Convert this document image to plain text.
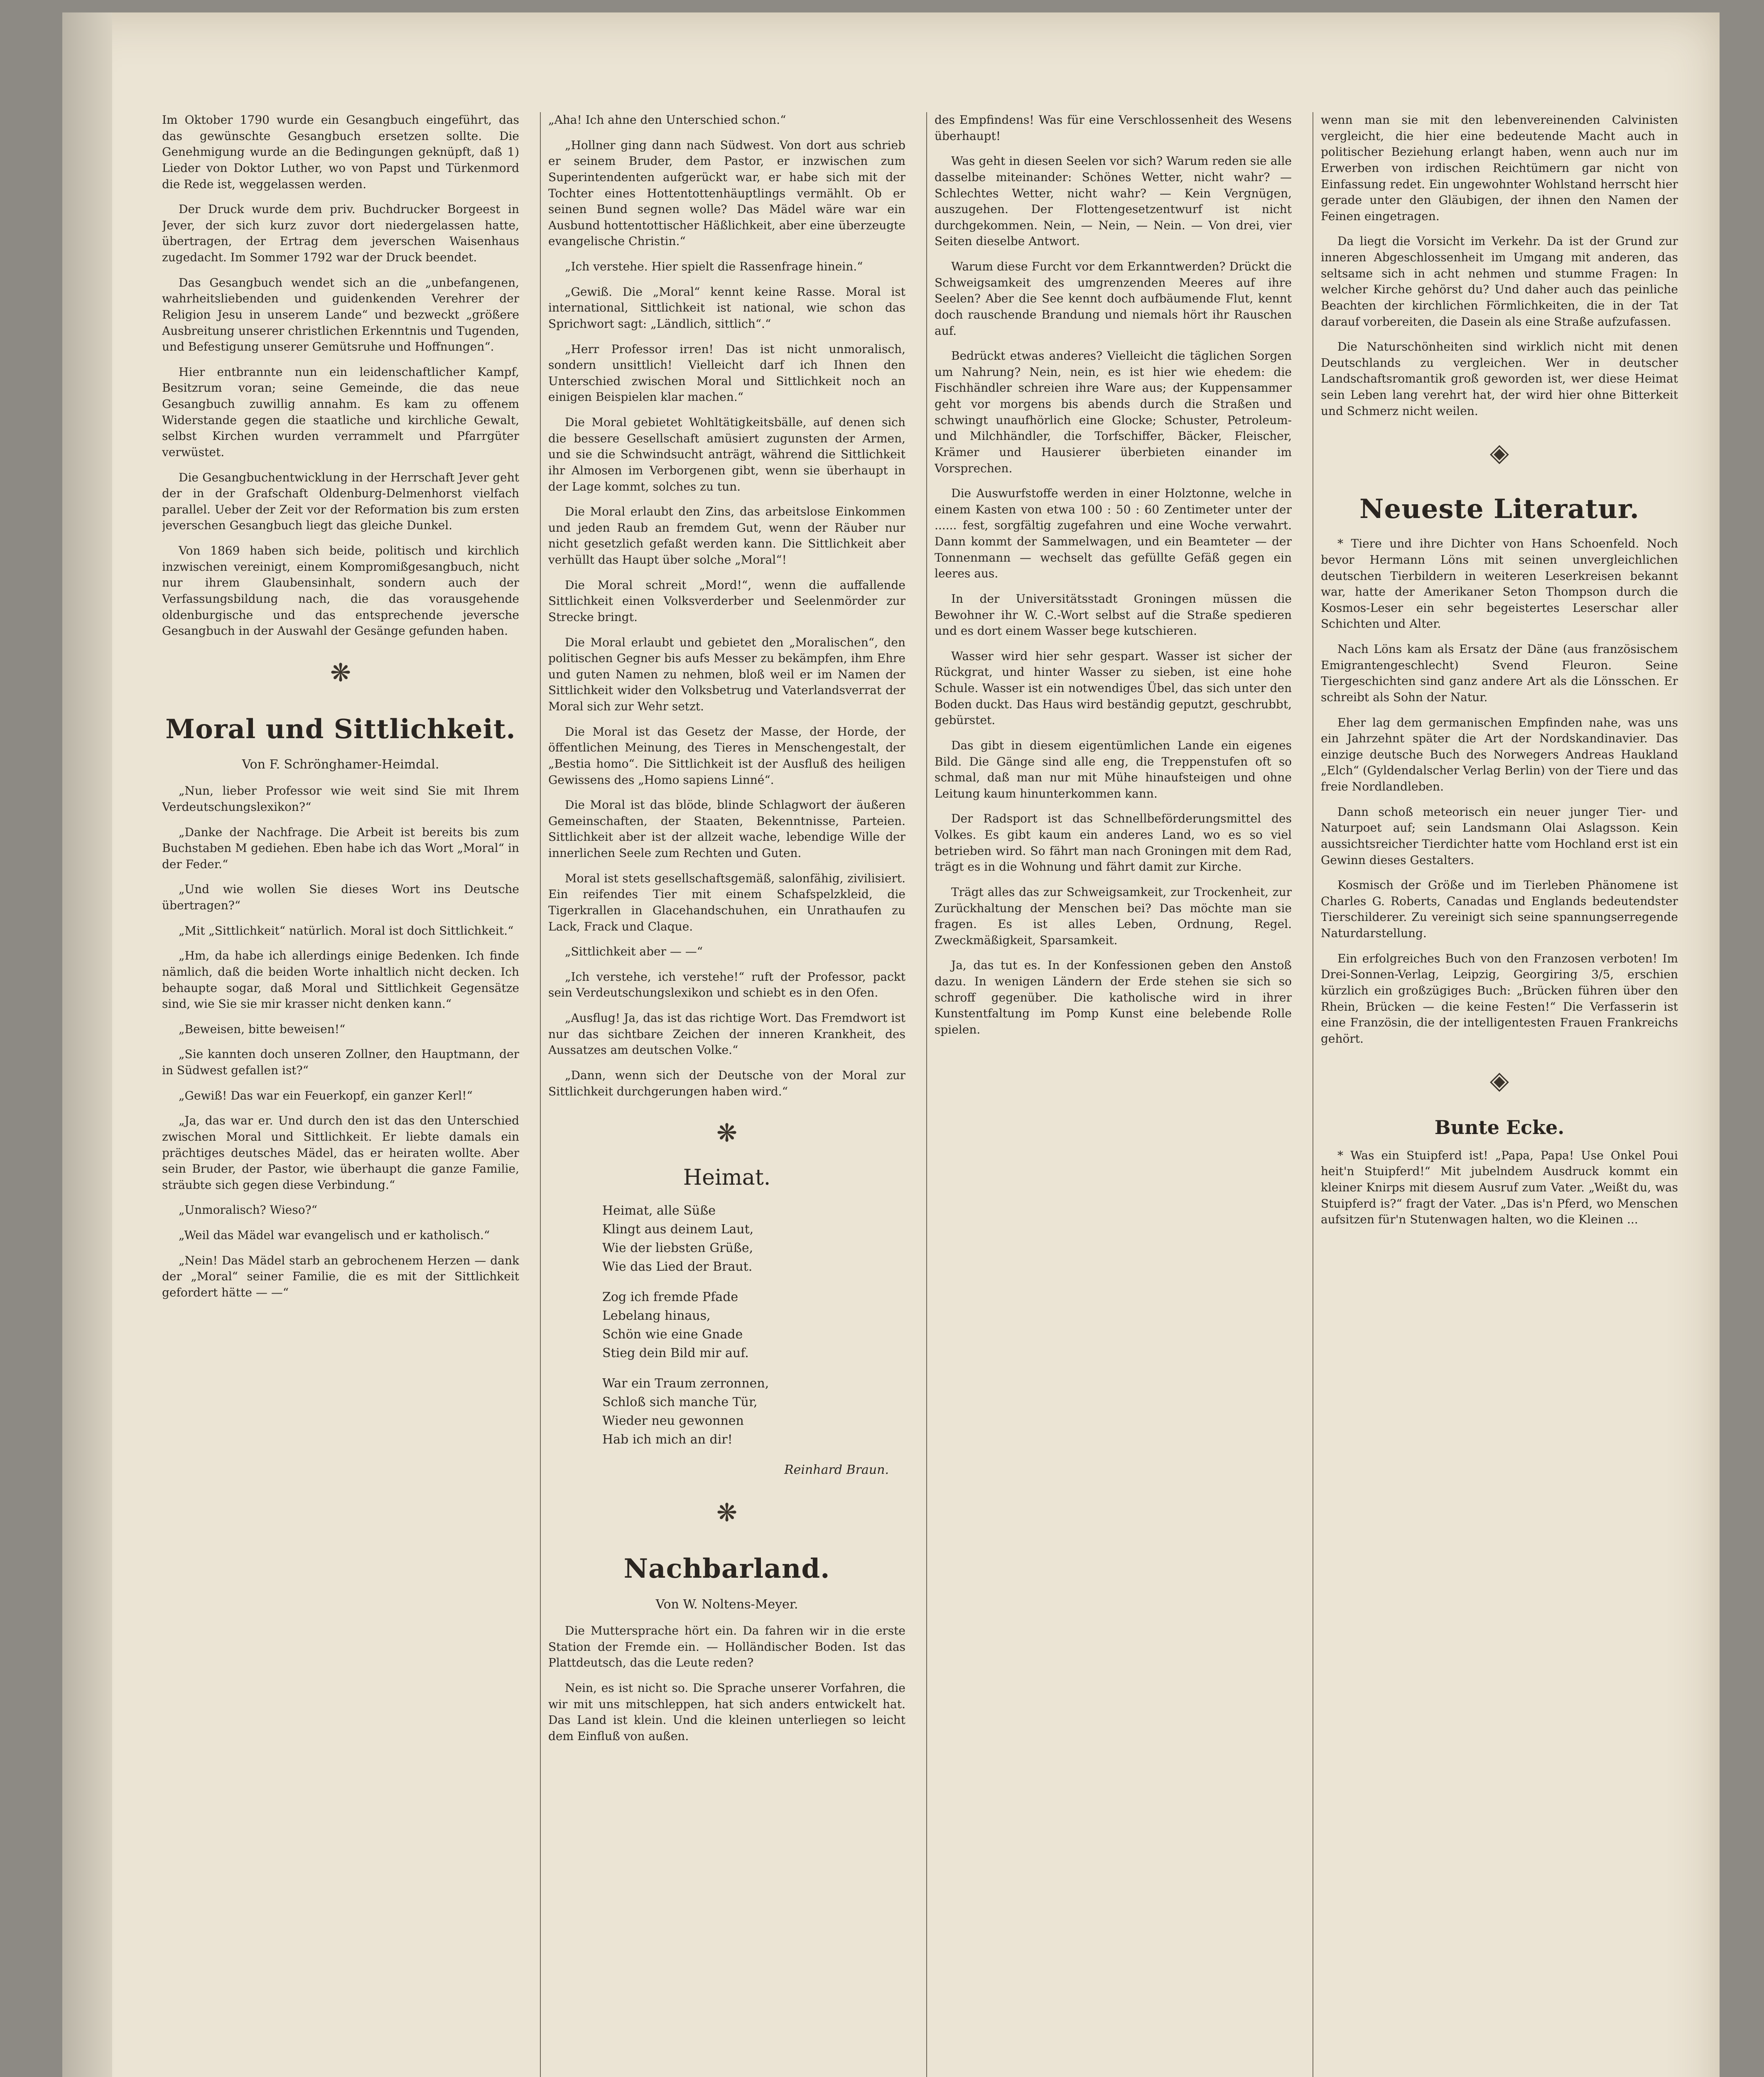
Im Oktober 1790 wurde ein Gesangbuch eingeführt, das das gewünschte Gesangbuch ersetzen sollte. Die Genehmigung wurde an die Bedingungen geknüpft, daß 1) Lieder von Doktor Luther, wo von Papst und Türkenmord die Rede ist, weggelassen werden.

Der Druck wurde dem priv. Buchdrucker Borgeest in Jever, der sich kurz zuvor dort niedergelassen hatte, übertragen, der Ertrag dem jeverschen Waisenhaus zugedacht. Im Sommer 1792 war der Druck beendet.

Das Gesangbuch wendet sich an die „unbefangenen, wahrheitsliebenden und guidenkenden Verehrer der Religion Jesu in unserem Lande“ und bezweckt „größere Ausbreitung unserer christlichen Erkenntnis und Tugenden, und Befestigung unserer Gemütsruhe und Hoffnungen“.

Hier entbrannte nun ein leidenschaftlicher Kampf, Besitzrum voran; seine Gemeinde, die das neue Gesangbuch zuwillig annahm. Es kam zu offenem Widerstande gegen die staatliche und kirchliche Gewalt, selbst Kirchen wurden verrammelt und Pfarrgüter verwüstet.

Die Gesangbuchentwicklung in der Herrschaft Jever geht der in der Grafschaft Oldenburg-Delmenhorst vielfach parallel. Ueber der Zeit vor der Reformation bis zum ersten jeverschen Gesangbuch liegt das gleiche Dunkel.

Von 1869 haben sich beide, politisch und kirchlich inzwischen vereinigt, einem Kompromißgesangbuch, nicht nur ihrem Glaubensinhalt, sondern auch der Verfassungsbildung nach, die das vorausgehende oldenburgische und das entsprechende jeversche Gesangbuch in der Auswahl der Gesänge gefunden haben.

❋
Moral und Sittlichkeit.
Von F. Schrönghamer-Heimdal.

„Nun, lieber Professor wie weit sind Sie mit Ihrem Verdeutschungslexikon?“

„Danke der Nachfrage. Die Arbeit ist bereits bis zum Buchstaben M gediehen. Eben habe ich das Wort „Moral“ in der Feder.“

„Und wie wollen Sie dieses Wort ins Deutsche übertragen?“

„Mit „Sittlichkeit“ natürlich. Moral ist doch Sittlichkeit.“

„Hm, da habe ich allerdings einige Bedenken. Ich finde nämlich, daß die beiden Worte inhaltlich nicht decken. Ich behaupte sogar, daß Moral und Sittlichkeit Gegensätze sind, wie Sie sie mir krasser nicht denken kann.“

„Beweisen, bitte beweisen!“

„Sie kannten doch unseren Zollner, den Hauptmann, der in Südwest gefallen ist?“

„Gewiß! Das war ein Feuerkopf, ein ganzer Kerl!“

„Ja, das war er. Und durch den ist das den Unterschied zwischen Moral und Sittlichkeit. Er liebte damals ein prächtiges deutsches Mädel, das er heiraten wollte. Aber sein Bruder, der Pastor, wie überhaupt die ganze Familie, sträubte sich gegen diese Verbindung.“

„Unmoralisch? Wieso?“

„Weil das Mädel war evangelisch und er katholisch.“

„Nein! Das Mädel starb an gebrochenem Herzen — dank der „Moral“ seiner Familie, die es mit der Sittlichkeit gefordert hätte — —“

„Aha! Ich ahne den Unterschied schon.“

„Hollner ging dann nach Südwest. Von dort aus schrieb er seinem Bruder, dem Pastor, er inzwischen zum Superintendenten aufgerückt war, er habe sich mit der Tochter eines Hottentottenhäuptlings vermählt. Ob er seinen Bund segnen wolle? Das Mädel wäre war ein Ausbund hottentottischer Häßlichkeit, aber eine überzeugte evangelische Christin.“

„Ich verstehe. Hier spielt die Rassenfrage hinein.“

„Gewiß. Die „Moral“ kennt keine Rasse. Moral ist international, Sittlichkeit ist national, wie schon das Sprichwort sagt: „Ländlich, sittlich“.“

„Herr Professor irren! Das ist nicht unmoralisch, sondern unsittlich! Vielleicht darf ich Ihnen den Unterschied zwischen Moral und Sittlichkeit noch an einigen Beispielen klar machen.“

Die Moral gebietet Wohltätigkeitsbälle, auf denen sich die bessere Gesellschaft amüsiert zugunsten der Armen, und sie die Schwindsucht anträgt, während die Sittlichkeit ihr Almosen im Verborgenen gibt, wenn sie überhaupt in der Lage kommt, solches zu tun.

Die Moral erlaubt den Zins, das arbeitslose Einkommen und jeden Raub an fremdem Gut, wenn der Räuber nur nicht gesetzlich gefaßt werden kann. Die Sittlichkeit aber verhüllt das Haupt über solche „Moral“!

Die Moral schreit „Mord!“, wenn die auffallende Sittlichkeit einen Volksverderber und Seelenmörder zur Strecke bringt.

Die Moral erlaubt und gebietet den „Moralischen“, den politischen Gegner bis aufs Messer zu bekämpfen, ihm Ehre und guten Namen zu nehmen, bloß weil er im Namen der Sittlichkeit wider den Volksbetrug und Vaterlandsverrat der Moral sich zur Wehr setzt.

Die Moral ist das Gesetz der Masse, der Horde, der öffentlichen Meinung, des Tieres in Menschengestalt, der „Bestia homo“. Die Sittlichkeit ist der Ausfluß des heiligen Gewissens des „Homo sapiens Linné“.

Die Moral ist das blöde, blinde Schlagwort der äußeren Gemeinschaften, der Staaten, Bekenntnisse, Parteien. Sittlichkeit aber ist der allzeit wache, lebendige Wille der innerlichen Seele zum Rechten und Guten.

Moral ist stets gesellschaftsgemäß, salonfähig, zivilisiert. Ein reifendes Tier mit einem Schafspelzkleid, die Tigerkrallen in Glacehandschuhen, ein Unrathaufen zu Lack, Frack und Claque.

„Sittlichkeit aber — —“

„Ich verstehe, ich verstehe!“ ruft der Professor, packt sein Verdeutschungslexikon und schiebt es in den Ofen.

„Ausflug! Ja, das ist das richtige Wort. Das Fremdwort ist nur das sichtbare Zeichen der inneren Krankheit, des Aussatzes am deutschen Volke.“

„Dann, wenn sich der Deutsche von der Moral zur Sittlichkeit durchgerungen haben wird.“

❋
Heimat.
Heimat, alle Süße
Klingt aus deinem Laut,
Wie der liebsten Grüße,
Wie das Lied der Braut.
Zog ich fremde Pfade
Lebelang hinaus,
Schön wie eine Gnade
Stieg dein Bild mir auf.
War ein Traum zerronnen,
Schloß sich manche Tür,
Wieder neu gewonnen
Hab ich mich an dir!
Reinhard Braun.
❋
Nachbarland.
Von W. Noltens-Meyer.

Die Muttersprache hört ein. Da fahren wir in die erste Station der Fremde ein. — Holländischer Boden. Ist das Plattdeutsch, das die Leute reden?

Nein, es ist nicht so. Die Sprache unserer Vorfahren, die wir mit uns mitschleppen, hat sich anders entwickelt hat. Das Land ist klein. Und die kleinen unterliegen so leicht dem Einfluß von außen.

des Empfindens! Was für eine Verschlossenheit des Wesens überhaupt!

Was geht in diesen Seelen vor sich? Warum reden sie alle dasselbe miteinander: Schönes Wetter, nicht wahr? — Schlechtes Wetter, nicht wahr? — Kein Vergnügen, auszugehen. Der Flottengesetzentwurf ist nicht durchgekommen. Nein, — Nein, — Nein. — Von drei, vier Seiten dieselbe Antwort.

Warum diese Furcht vor dem Erkanntwerden? Drückt die Schweigsamkeit des umgrenzenden Meeres auf ihre Seelen? Aber die See kennt doch aufbäumende Flut, kennt doch rauschende Brandung und niemals hört ihr Rauschen auf.

Bedrückt etwas anderes? Vielleicht die täglichen Sorgen um Nahrung? Nein, nein, es ist hier wie ehedem: die Fischhändler schreien ihre Ware aus; der Kuppensammer geht vor morgens bis abends durch die Straßen und schwingt unaufhörlich eine Glocke; Schuster, Petroleum- und Milchhändler, die Torfschiffer, Bäcker, Fleischer, Krämer und Hausierer überbieten einander im Vorsprechen.

Die Auswurfstoffe werden in einer Holztonne, welche in einem Kasten von etwa 100 : 50 : 60 Zentimeter unter der ...... fest, sorgfältig zugefahren und eine Woche verwahrt. Dann kommt der Sammelwagen, und ein Beamteter — der Tonnenmann — wechselt das gefüllte Gefäß gegen ein leeres aus.

In der Universitätsstadt Groningen müssen die Bewohner ihr W. C.-Wort selbst auf die Straße spedieren und es dort einem Wasser bege kutschieren.

Wasser wird hier sehr gespart. Wasser ist sicher der Rückgrat, und hinter Wasser zu sieben, ist eine hohe Schule. Wasser ist ein notwendiges Übel, das sich unter den Boden duckt. Das Haus wird beständig geputzt, geschrubbt, gebürstet.

Das gibt in diesem eigentümlichen Lande ein eigenes Bild. Die Gänge sind alle eng, die Treppenstufen oft so schmal, daß man nur mit Mühe hinaufsteigen und ohne Leitung kaum hinunterkommen kann.

Der Radsport ist das Schnellbeförderungsmittel des Volkes. Es gibt kaum ein anderes Land, wo es so viel betrieben wird. So fährt man nach Groningen mit dem Rad, trägt es in die Wohnung und fährt damit zur Kirche.

Trägt alles das zur Schweigsamkeit, zur Trockenheit, zur Zurückhaltung der Menschen bei? Das möchte man sie fragen. Es ist alles Leben, Ordnung, Regel. Zweckmäßigkeit, Sparsamkeit.

Ja, das tut es. In der Konfessionen geben den Anstoß dazu. In wenigen Ländern der Erde stehen sie sich so schroff gegenüber. Die katholische wird in ihrer Kunstentfaltung im Pomp Kunst eine belebende Rolle spielen.

wenn man sie mit den lebenvereinenden Calvinisten vergleicht, die hier eine bedeutende Macht auch in politischer Beziehung erlangt haben, wenn auch nur im Erwerben von irdischen Reichtümern gar nicht von Einfassung redet. Ein ungewohnter Wohlstand herrscht hier gerade unter den Gläubigen, der ihnen den Namen der Feinen eingetragen.

Da liegt die Vorsicht im Verkehr. Da ist der Grund zur inneren Abgeschlossenheit im Umgang mit anderen, das seltsame sich in acht nehmen und stumme Fragen: In welcher Kirche gehörst du? Und daher auch das peinliche Beachten der kirchlichen Förmlichkeiten, die in der Tat darauf vorbereiten, die Dasein als eine Straße aufzufassen.

Die Naturschönheiten sind wirklich nicht mit denen Deutschlands zu vergleichen. Wer in deutscher Landschaftsromantik groß geworden ist, wer diese Heimat sein Leben lang verehrt hat, der wird hier ohne Bitterkeit und Schmerz nicht weilen.

◈
Neueste Literatur.

* Tiere und ihre Dichter von Hans Schoenfeld. Noch bevor Hermann Löns mit seinen unvergleichlichen deutschen Tierbildern in weiteren Leserkreisen bekannt war, hatte der Amerikaner Seton Thompson durch die Kosmos-Leser ein sehr begeistertes Leserschar aller Schichten und Alter.

Nach Löns kam als Ersatz der Däne (aus französischem Emigrantengeschlecht) Svend Fleuron. Seine Tiergeschichten sind ganz andere Art als die Lönsschen. Er schreibt als Sohn der Natur.

Eher lag dem germanischen Empfinden nahe, was uns ein Jahrzehnt später die Art der Nordskandinavier. Das einzige deutsche Buch des Norwegers Andreas Haukland „Elch“ (Gyldendalscher Verlag Berlin) von der Tiere und das freie Nordlandleben.

Dann schoß meteorisch ein neuer junger Tier- und Naturpoet auf; sein Landsmann Olai Aslagsson. Kein aussichtsreicher Tierdichter hatte vom Hochland erst ist ein Gewinn dieses Gestalters.

Kosmisch der Größe und im Tierleben Phänomene ist Charles G. Roberts, Canadas und Englands bedeutendster Tierschilderer. Zu vereinigt sich seine spannungserregende Naturdarstellung.

Ein erfolgreiches Buch von den Franzosen verboten! Im Drei-Sonnen-Verlag, Leipzig, Georgiring 3/5, erschien kürzlich ein großzügiges Buch: „Brücken führen über den Rhein, Brücken — die keine Festen!“ Die Verfasserin ist eine Französin, die der intelligentesten Frauen Frankreichs gehört.

◈
Bunte Ecke.

* Was ein Stuipferd ist! „Papa, Papa! Use Onkel Poui heit'n Stuipferd!“ Mit jubelndem Ausdruck kommt ein kleiner Knirps mit diesem Ausruf zum Vater. „Weißt du, was Stuipferd is?“ fragt der Vater. „Das is'n Pferd, wo Menschen aufsitzen für'n Stutenwagen halten, wo die Kleinen ...
